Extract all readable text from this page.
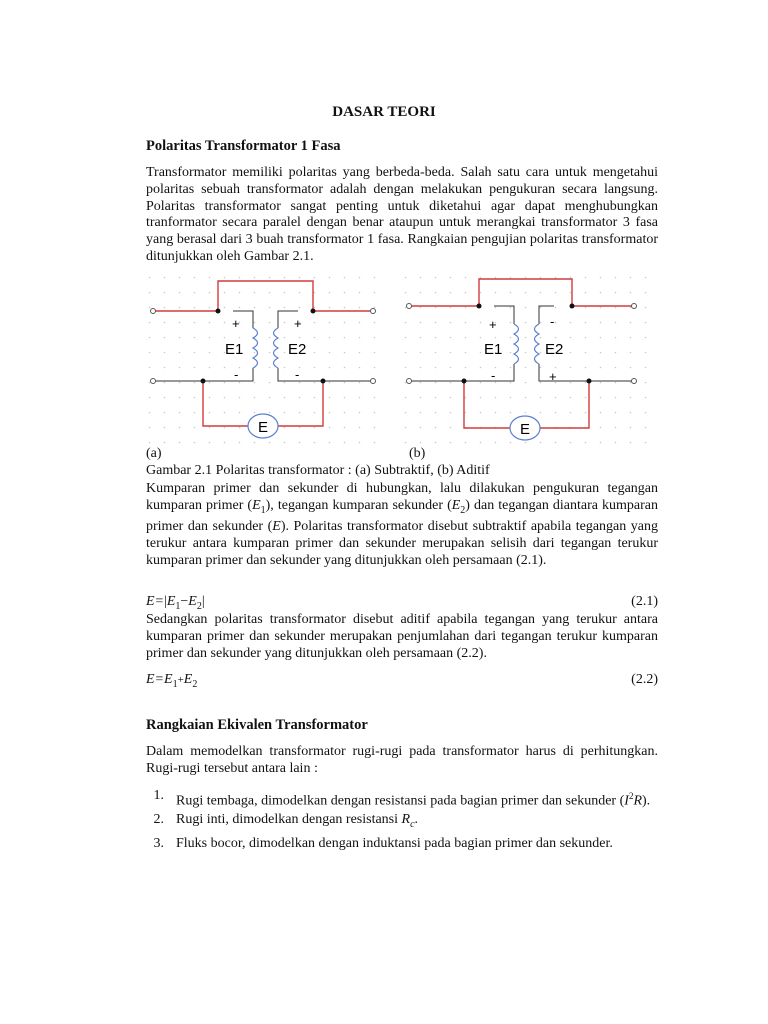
DASAR TEORI
Polaritas Transformator 1 Fasa
Transformator memiliki polaritas yang berbeda-beda. Salah satu cara untuk mengetahui polaritas sebuah transformator adalah dengan melakukan pengukuran secara langsung. Polaritas transformator sangat penting untuk diketahui agar dapat menghubungkan tranformator secara paralel dengan benar ataupun untuk merangkai transformator 3 fasa yang berasal dari 3 buah transformator 1 fasa. Rangkaian pengujian polaritas transformator ditunjukkan oleh Gambar 2.1.
E
+
-
+
-
E1	E2
E
+
-
-
+
E1	E2
(a)	(b)
Gambar 2.1 Polaritas transformator : (a) Subtraktif, (b) Aditif
Kumparan primer dan sekunder di hubungkan, lalu dilakukan pengukuran tegangan kumparan primer $(E_1)$, tegangan kumparan sekunder $(E_2)$ dan tegangan diantara kumparan primer dan sekunder (E). Polaritas transformator disebut subtraktif apabila tegangan yang terukur antara kumparan primer dan sekunder merupakan selisih dari tegangan terukur kumparan primer dan sekunder yang ditunjukkan oleh persamaan (2.1).
$E=|E_1-E_2|$	(2.1)
Sedangkan polaritas transformator disebut aditif apabila tegangan yang terukur antara kumparan primer dan sekunder merupakan penjumlahan dari tegangan terukur kumparan primer dan sekunder yang ditunjukkan oleh persamaan (2.2).
$E=E_1+E_2$	(2.2)
Rangkaian Ekivalen Transformator
Dalam memodelkan transformator rugi-rugi pada transformator harus di perhitungkan. Rugi-rugi tersebut antara lain :
1. Rugi tembaga, dimodelkan dengan resistansi pada bagian primer dan sekunder $(I^2R)$.
2. Rugi inti, dimodelkan dengan resistansi $R_c$.
3. Fluks bocor, dimodelkan dengan induktansi pada bagian primer dan sekunder.
